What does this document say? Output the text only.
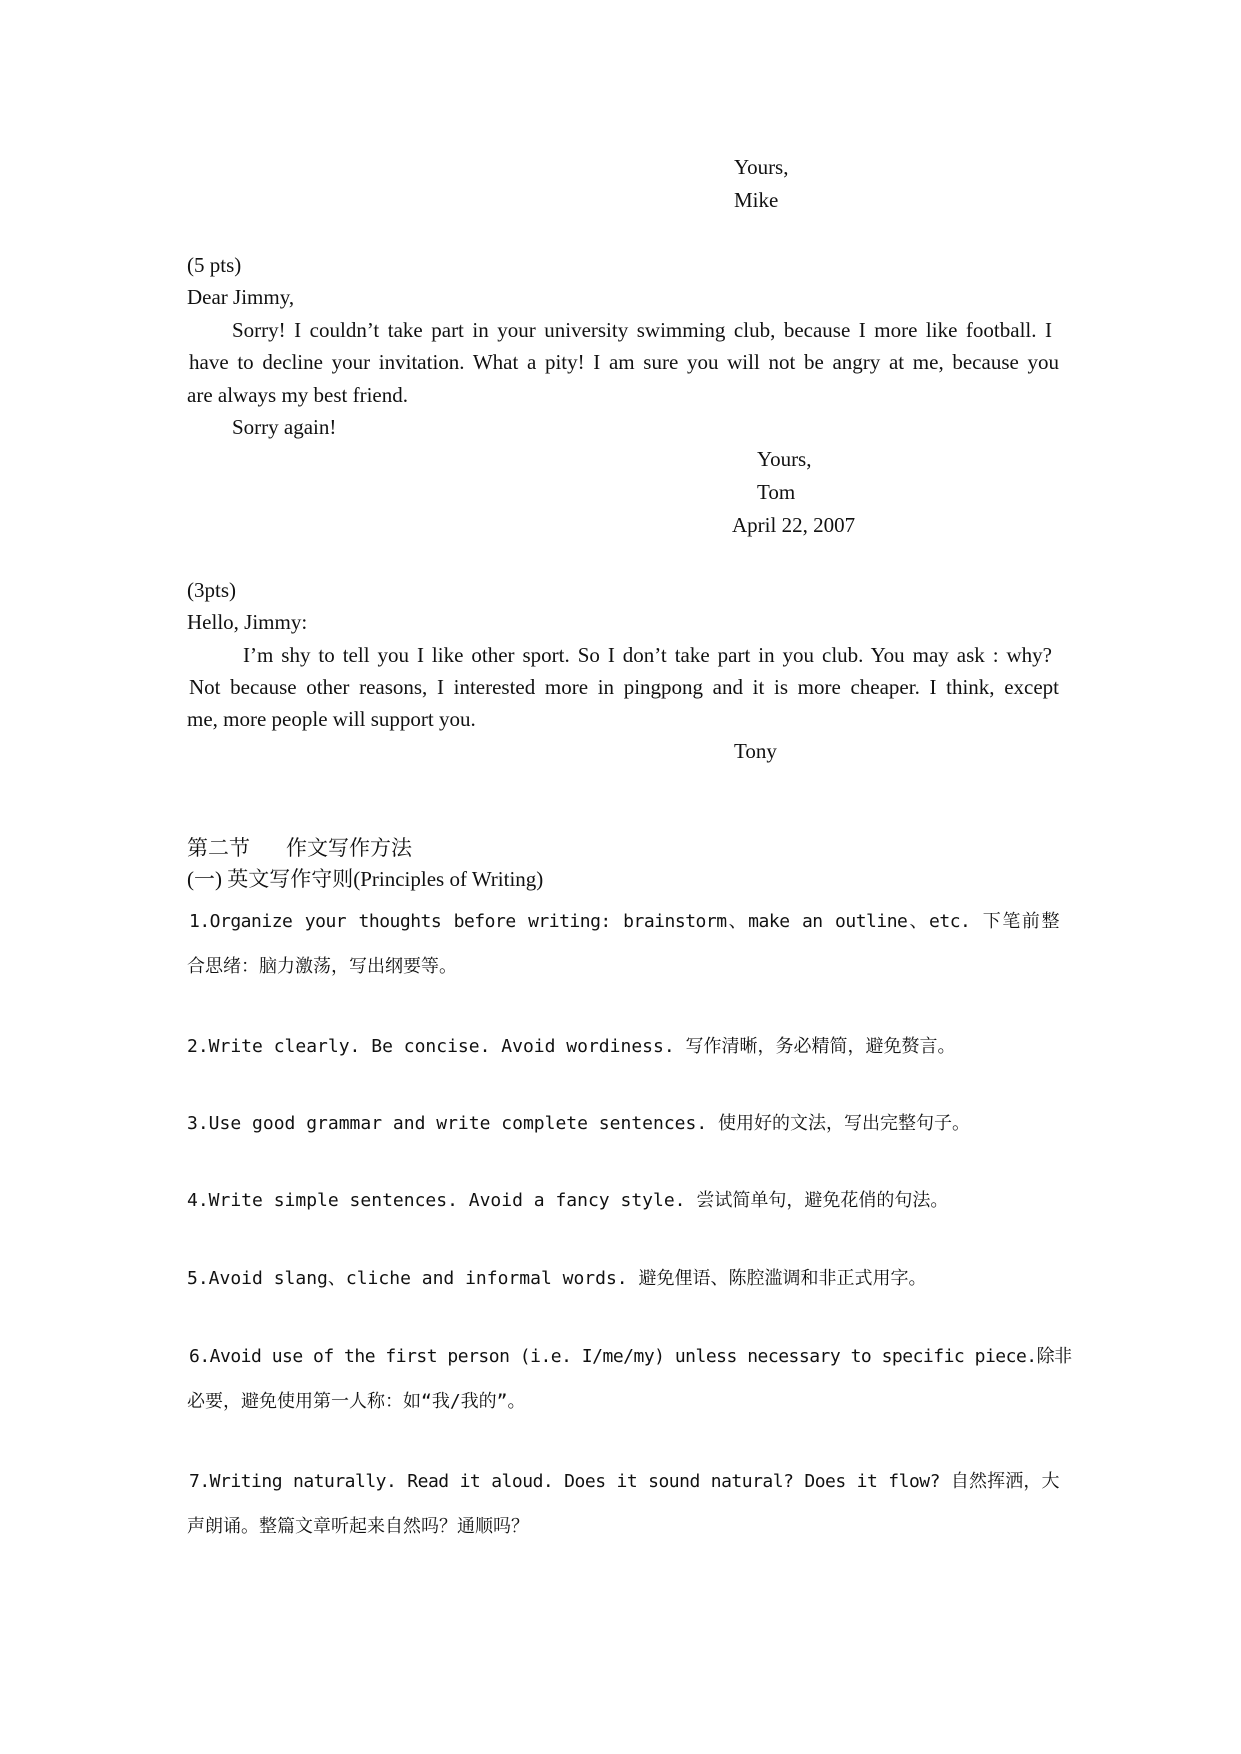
Yours,
Mike
(5 pts)
Dear Jimmy,
Sorry! I couldn’t take part in your university swimming club, because I more like football. I
have to decline your invitation. What a pity! I am sure you will not be angry at me, because you
are always my best friend.
Sorry again!
Yours,
Tom
April 22, 2007
(3pts)
Hello, Jimmy:
I’m shy to tell you I like other sport. So I don’t take part in you club. You may ask : why?
Not because other reasons, I interested more in pingpong and it is more cheaper. I think, except
me, more people will support you.
Tony
第二节 作文写作方法
(一) 英文写作守则(Principles of Writing)
1.Organize your thoughts before writing: brainstorm、make an outline、etc. 下笔前整
合思绪：脑力激荡，写出纲要等。
2.Write clearly. Be concise. Avoid wordiness. 写作清晰，务必精简，避免赘言。
3.Use good grammar and write complete sentences. 使用好的文法，写出完整句子。
4.Write simple sentences. Avoid a fancy style. 尝试简单句，避免花俏的句法。
5.Avoid slang、cliche and informal words. 避免俚语、陈腔滥调和非正式用字。
6.Avoid use of the first person (i.e. I/me/my) unless necessary to specific piece.除非
必要，避免使用第一人称：如“我/我的”。
7.Writing naturally. Read it aloud. Does it sound natural? Does it flow? 自然挥洒，大
声朗诵。整篇文章听起来自然吗？通顺吗？
